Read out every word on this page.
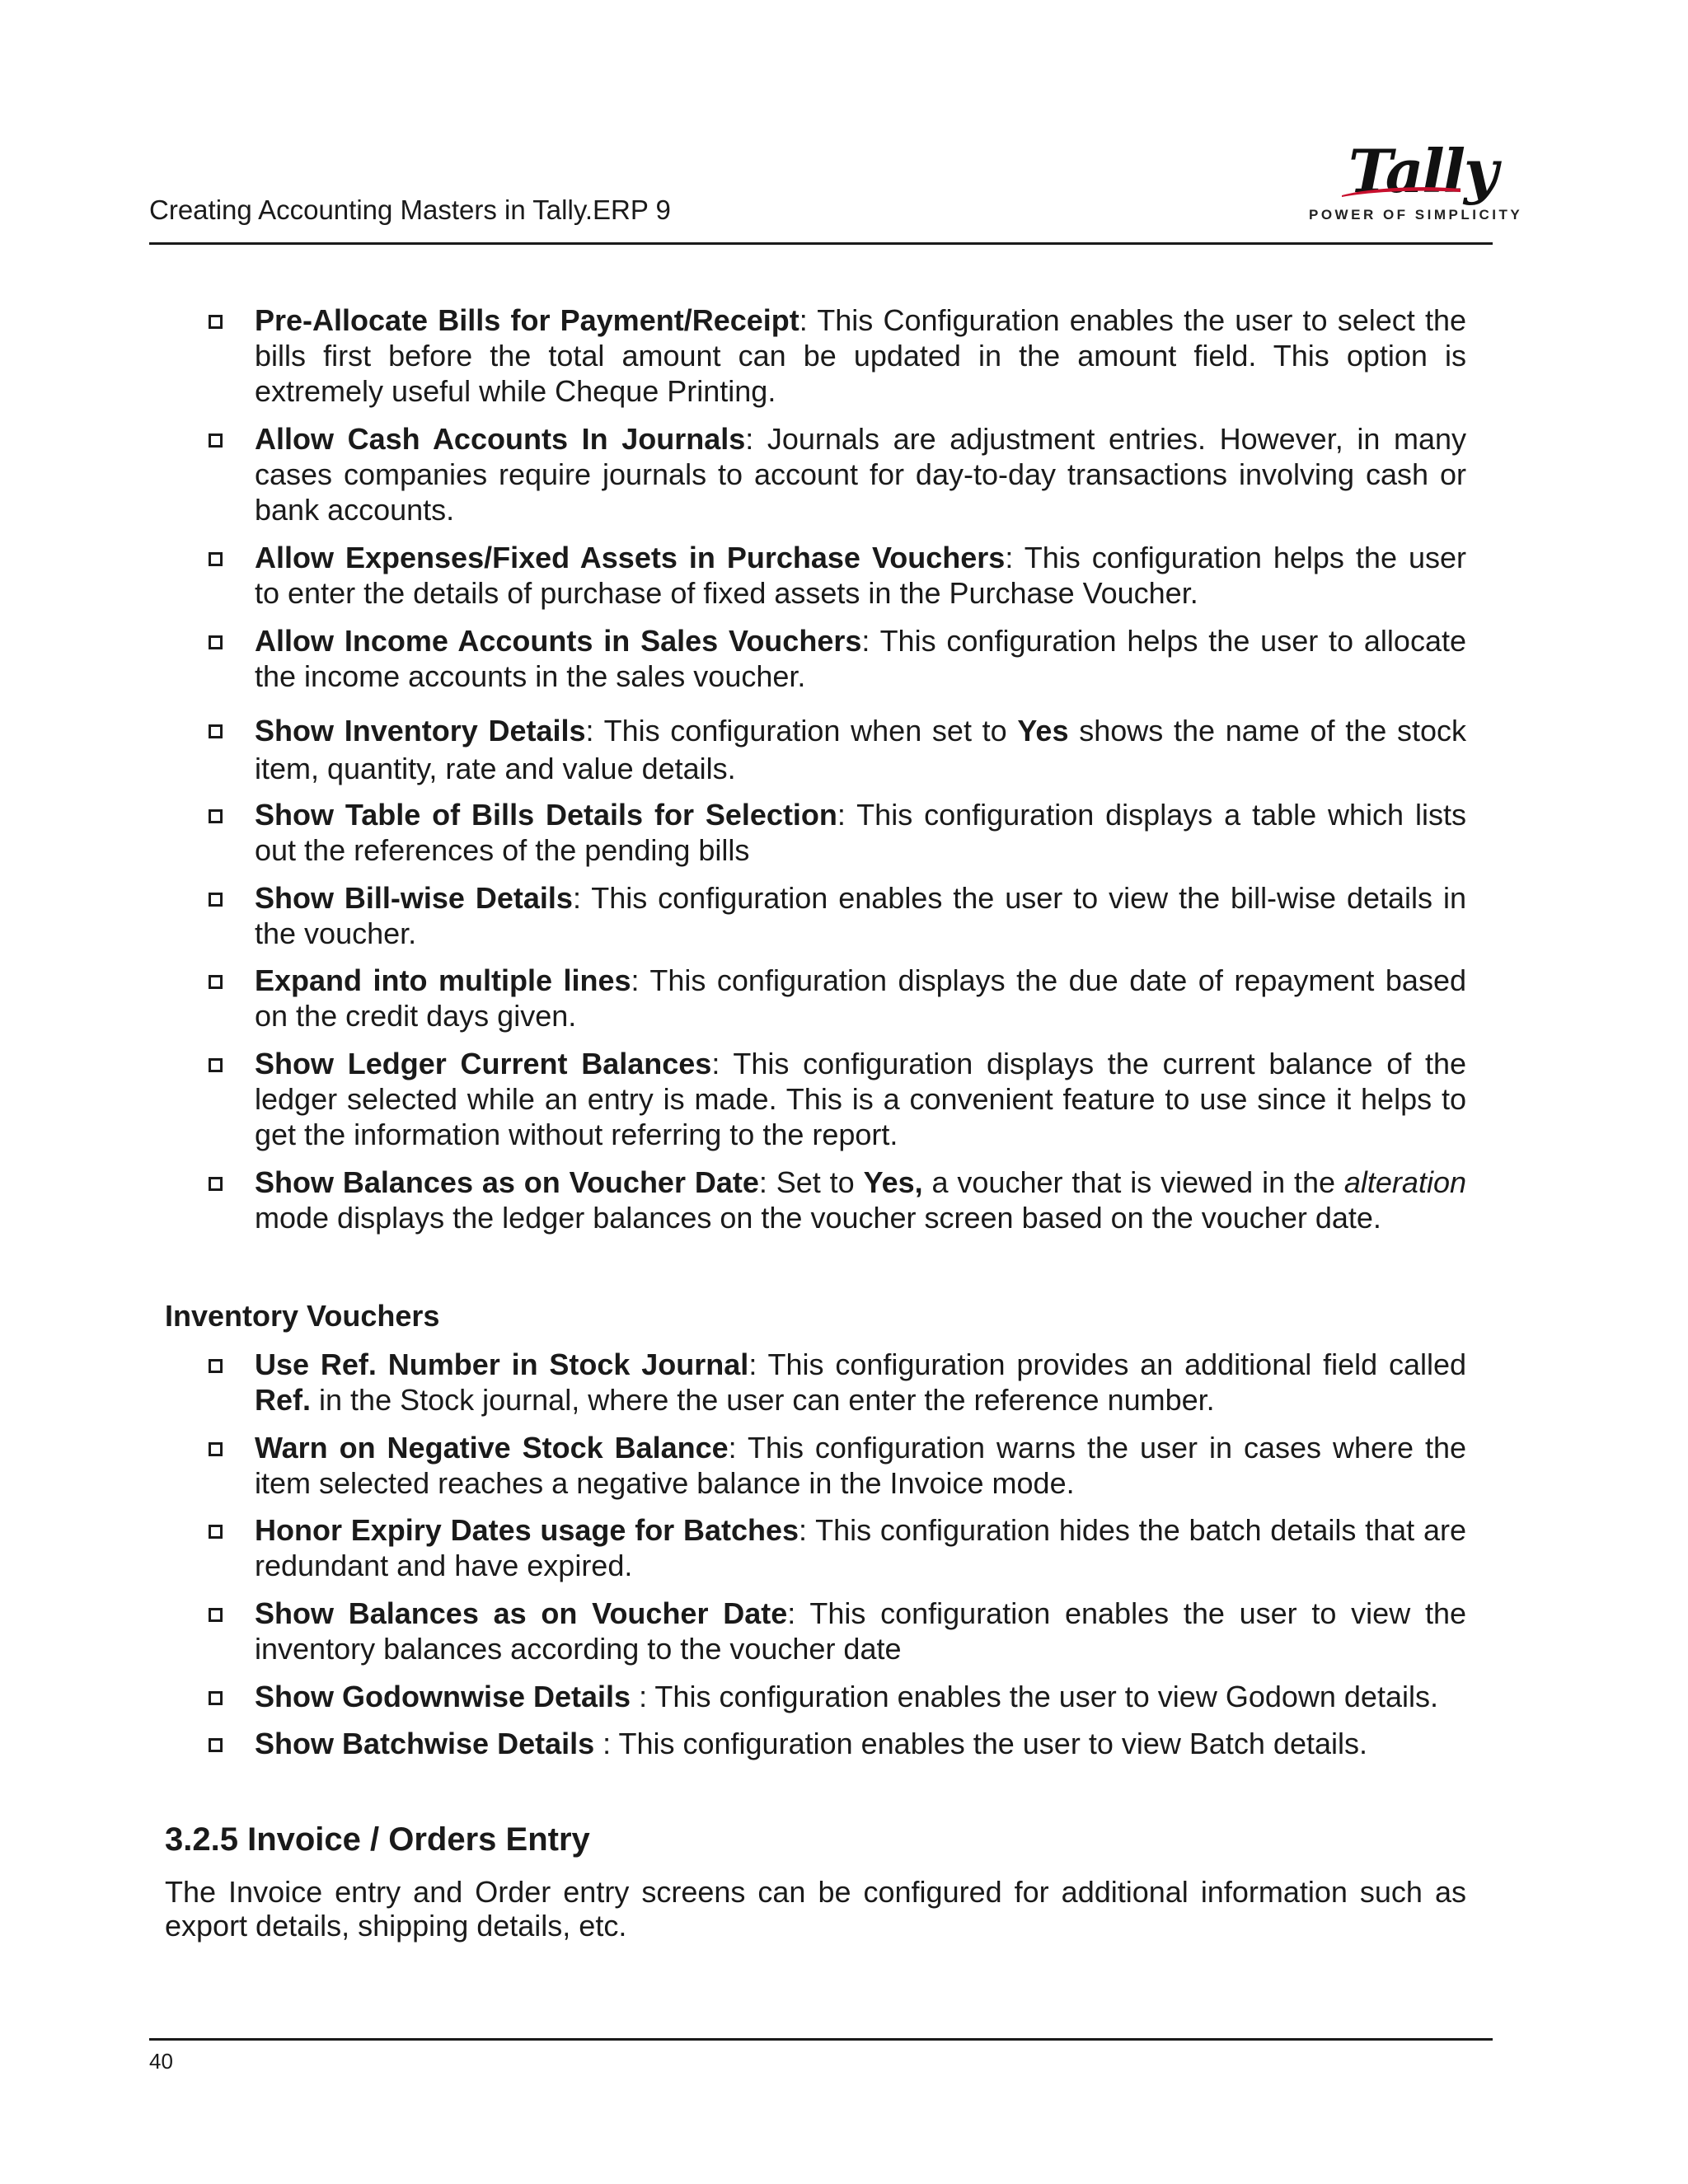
Creating Accounting Masters in Tally.ERP 9
Tally
POWER OF SIMPLICITY
Pre-Allocate Bills for Payment/Receipt: This Configuration enables the user to select the bills first before the total amount can be updated in the amount field. This option is extremely useful while Cheque Printing.
Allow Cash Accounts In Journals: Journals are adjustment entries. However, in many cases companies require journals to account for day-to-day transactions involving cash or bank accounts.
Allow Expenses/Fixed Assets in Purchase Vouchers: This configuration helps the user to enter the details of purchase of fixed assets in the Purchase Voucher.
Allow Income Accounts in Sales Vouchers: This configuration helps the user to allocate the income accounts in the sales voucher.
Show Inventory Details: This configuration when set to Yes shows the name of the stock item, quantity, rate and value details.
Show Table of Bills Details for Selection: This configuration displays a table which lists out the references of the pending bills
Show Bill-wise Details: This configuration enables the user to view the bill-wise details in the voucher.
Expand into multiple lines: This configuration displays the due date of repayment based on the credit days given.
Show Ledger Current Balances: This configuration displays the current balance of the ledger selected while an entry is made. This is a convenient feature to use since it helps to get the information without referring to the report.
Show Balances as on Voucher Date: Set to Yes, a voucher that is viewed in the alteration mode displays the ledger balances on the voucher screen based on the voucher date.
Inventory Vouchers
Use Ref. Number in Stock Journal: This configuration provides an additional field called Ref. in the Stock journal, where the user can enter the reference number.
Warn on Negative Stock Balance: This configuration warns the user in cases where the item selected reaches a negative balance in the Invoice mode.
Honor Expiry Dates usage for Batches: This configuration hides the batch details that are redundant and have expired.
Show Balances as on Voucher Date: This configuration enables the user to view the inventory balances according to the voucher date
Show Godownwise Details : This configuration enables the user to view Godown details.
Show Batchwise Details : This configuration enables the user to view Batch details.
3.2.5 Invoice / Orders Entry
The Invoice entry and Order entry screens can be configured for additional information such as export details, shipping details, etc.
40
